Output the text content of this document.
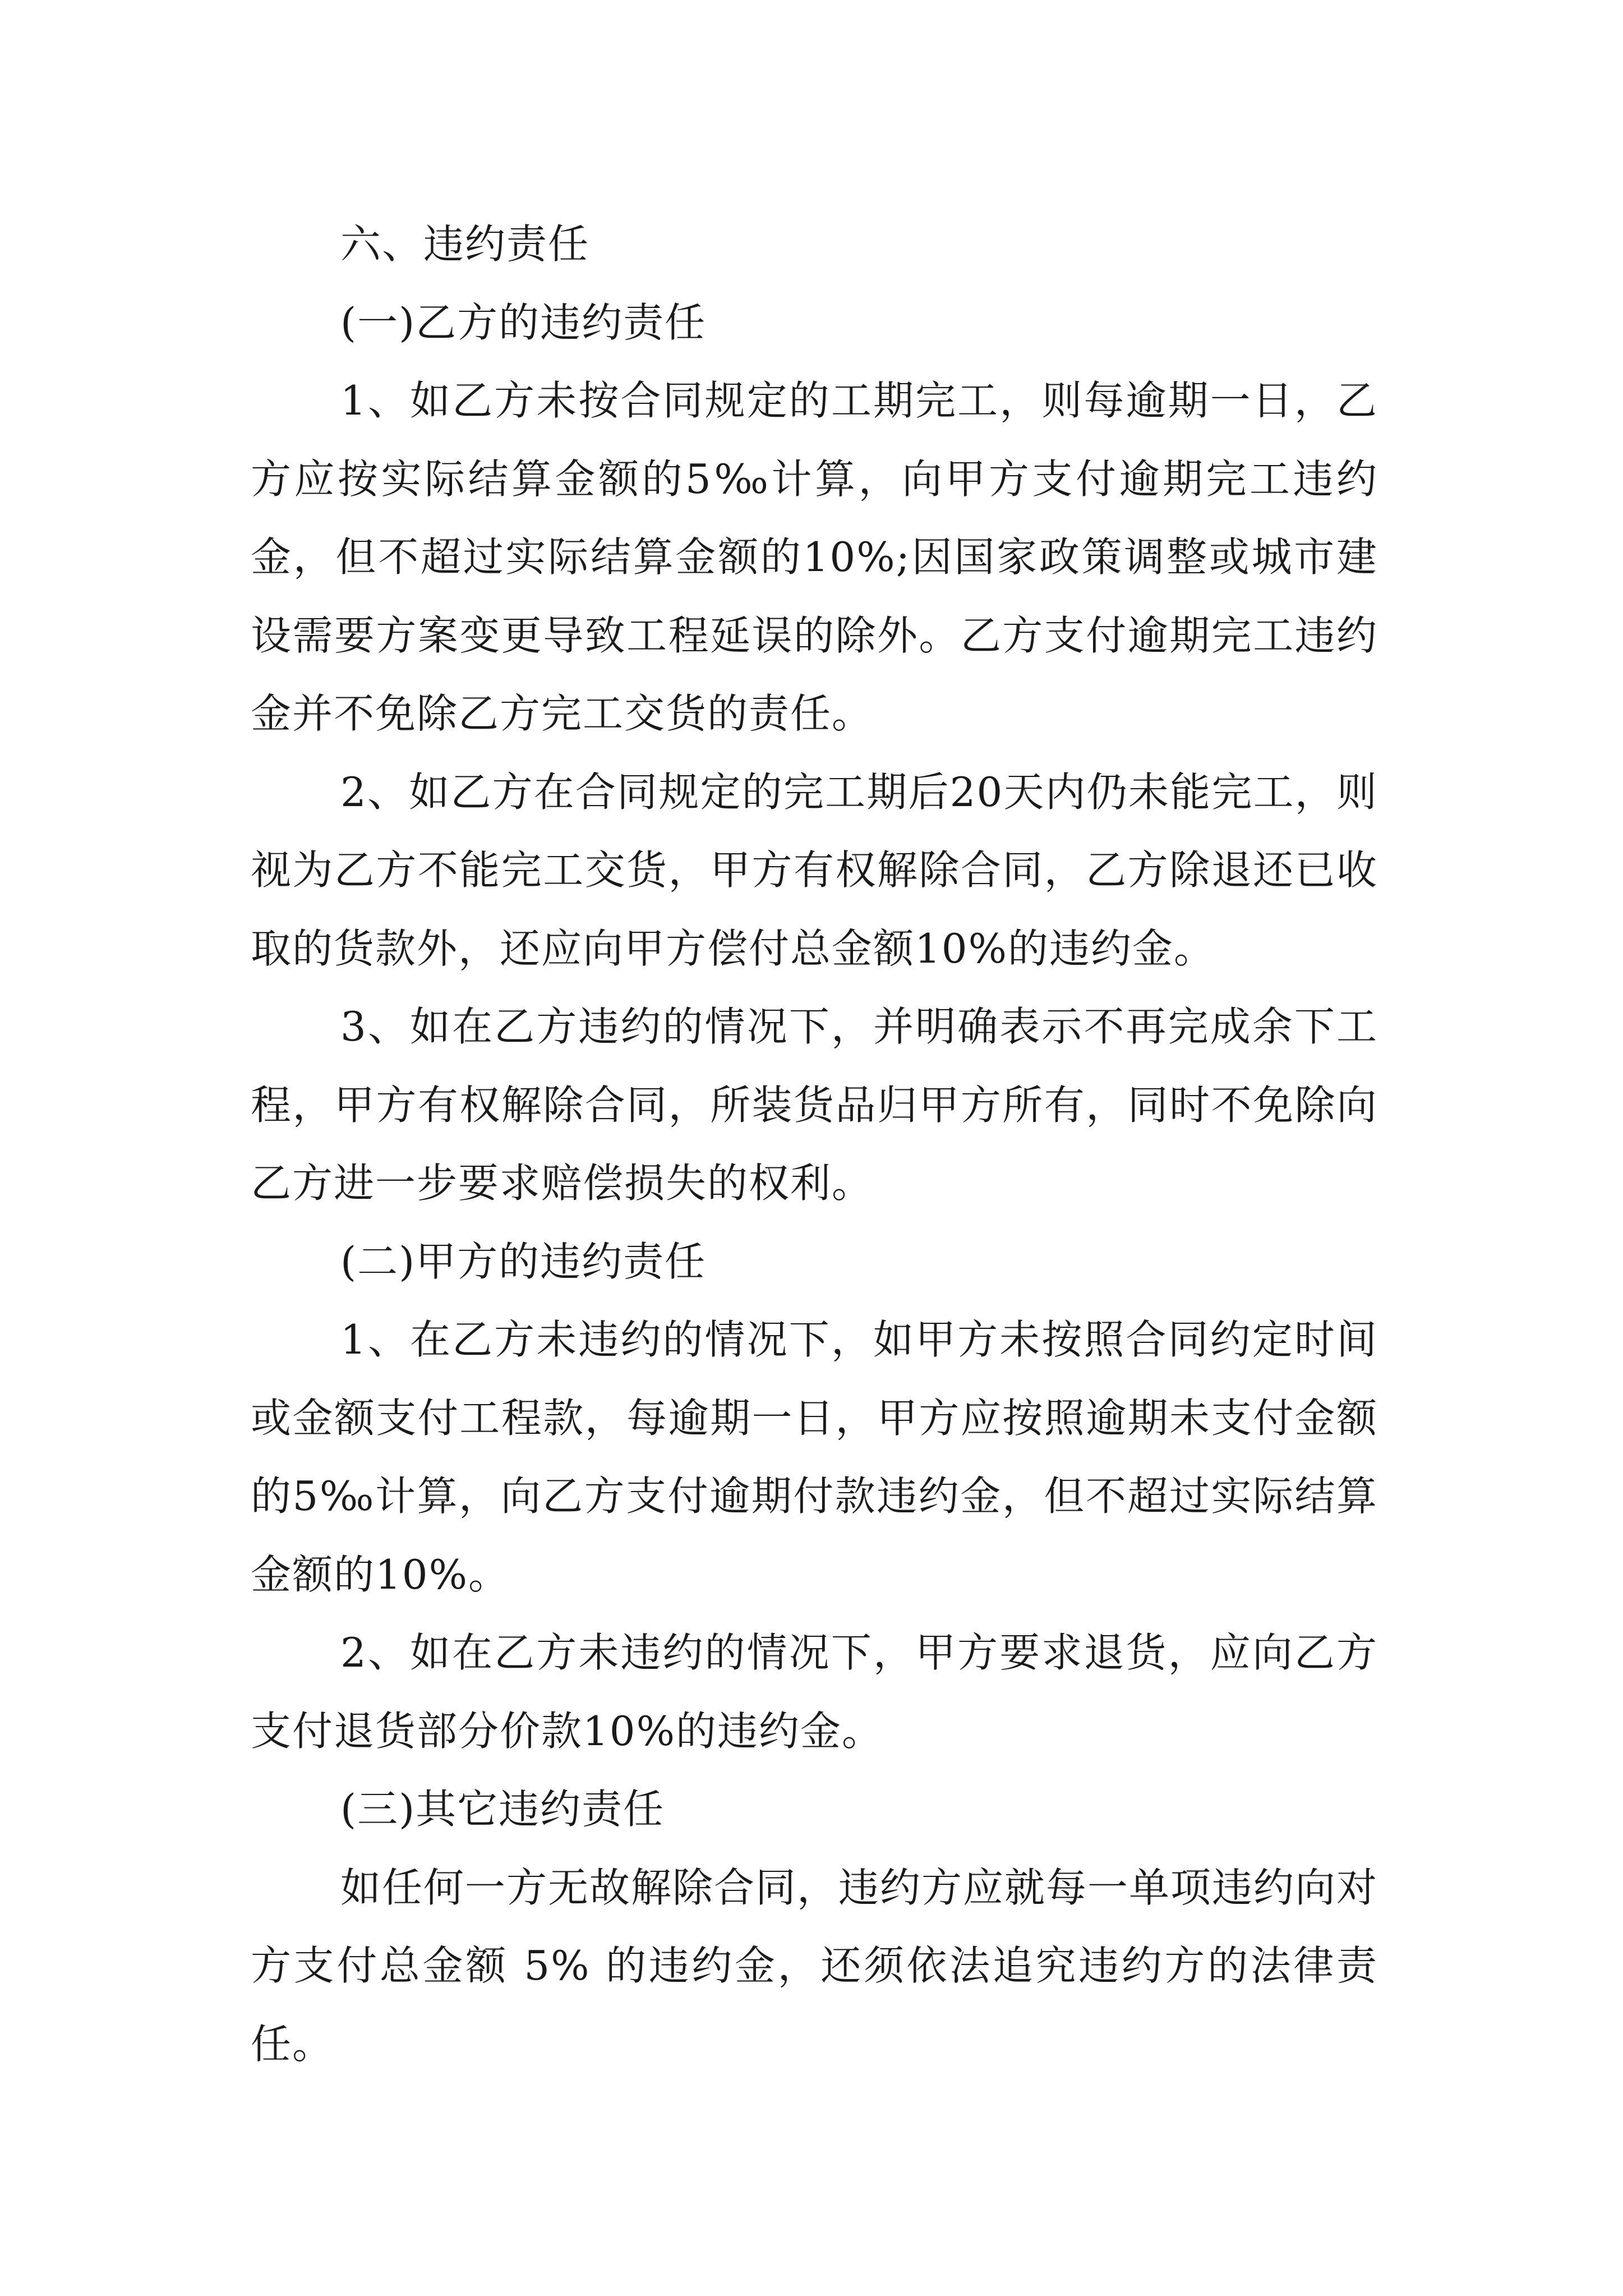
六、违约责任

(一)乙方的违约责任

1、如乙方未按合同规定的工期完工，则每逾期一日，乙方应按实际结算金额的5‰计算，向甲方支付逾期完工违约金，但不超过实际结算金额的10%;因国家政策调整或城市建设需要方案变更导致工程延误的除外。乙方支付逾期完工违约金并不免除乙方完工交货的责任。

2、如乙方在合同规定的完工期后20天内仍未能完工，则视为乙方不能完工交货，甲方有权解除合同，乙方除退还已收取的货款外，还应向甲方偿付总金额10%的违约金。

3、如在乙方违约的情况下，并明确表示不再完成余下工程，甲方有权解除合同，所装货品归甲方所有，同时不免除向乙方进一步要求赔偿损失的权利。

(二)甲方的违约责任

1、在乙方未违约的情况下，如甲方未按照合同约定时间或金额支付工程款，每逾期一日，甲方应按照逾期未支付金额的5‰计算，向乙方支付逾期付款违约金，但不超过实际结算金额的10%。

2、如在乙方未违约的情况下，甲方要求退货，应向乙方支付退货部分价款10%的违约金。

(三)其它违约责任

如任何一方无故解除合同，违约方应就每一单项违约向对方支付总金额 5% 的违约金，还须依法追究违约方的法律责任。
